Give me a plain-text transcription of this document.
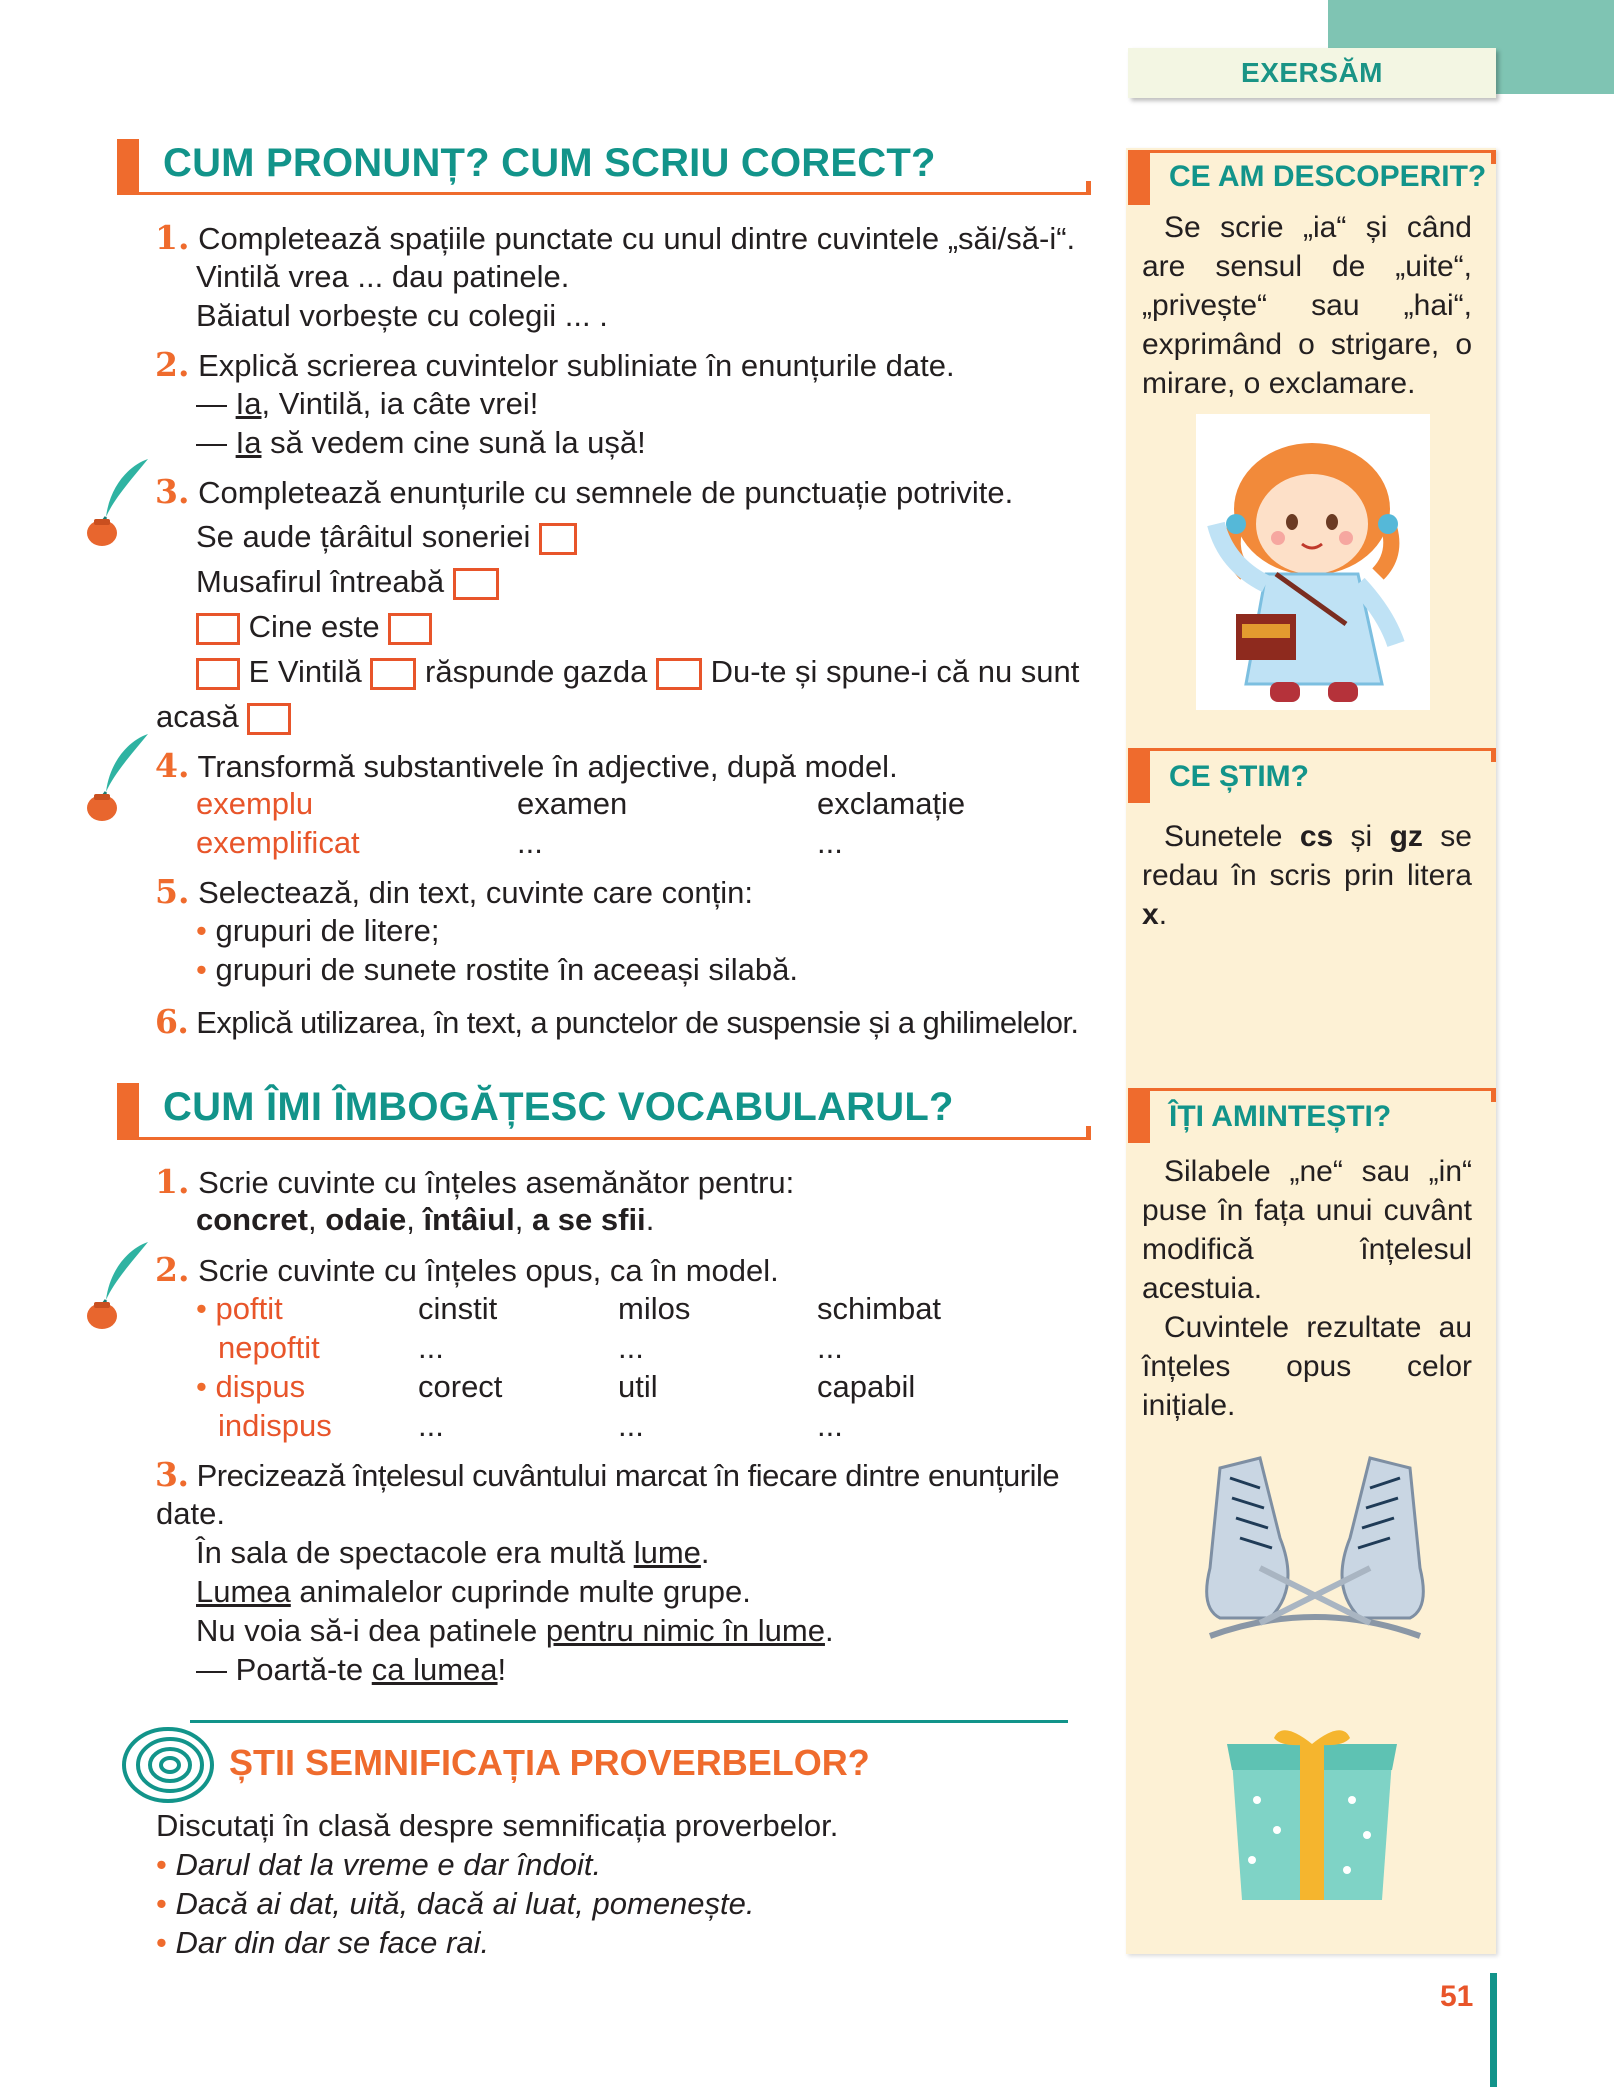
EXERSĂM
CUM PRONUNȚ? CUM SCRIU CORECT?
1. Completează spațiile punctate cu unul dintre cuvintele „săi/să-i“.
Vintilă vrea ... dau patinele.
Băiatul vorbește cu colegii ... .
2. Explică scrierea cuvintelor subliniate în enunțurile date.
— Ia, Vintilă, ia câte vrei!
— Ia să vedem cine sună la ușă!
3. Completează enunțurile cu semnele de punctuație potrivite.
Se aude țârâitul soneriei
Musafirul întreabă
Cine este
E Vintilă răspunde gazda Du-te și spune-i că nu sunt
acasă
4. Transformă substantivele în adjective, după model.
exemplu	examen	exclamație
exemplificat	...	...
5. Selectează, din text, cuvinte care conțin:
• grupuri de litere;
• grupuri de sunete rostite în aceeași silabă.
6. Explică utilizarea, în text, a punctelor de suspensie și a ghilimelelor.
CUM ÎMI ÎMBOGĂȚESC VOCABULARUL?
1. Scrie cuvinte cu înțeles asemănător pentru:
concret, odaie, întâiul, a se sfii.
2. Scrie cuvinte cu înțeles opus, ca în model.
• poftit	cinstit	milos	schimbat
nepoftit	...	...	...
• dispus	corect	util	capabil
indispus	...	...	...
3. Precizează înțelesul cuvântului marcat în fiecare dintre enunțurile
date.
În sala de spectacole era multă lume.
Lumea animalelor cuprinde multe grupe.
Nu voia să-i dea patinele pentru nimic în lume.
— Poartă-te ca lumea!
ȘTII SEMNIFICAȚIA PROVERBELOR?
Discutați în clasă despre semnificația proverbelor.
• Darul dat la vreme e dar îndoit.
• Dacă ai dat, uită, dacă ai luat, pomenește.
• Dar din dar se face rai.
CE AM DESCOPERIT?
Se scrie „ia“ și când are sensul de „uite“, „privește“ sau „hai“, exprimând o strigare, o mirare, o exclamare.
CE ȘTIM?
Sunetele cs și gz se redau în scris prin litera x.
ÎȚI AMINTEȘTI?
Silabele „ne“ sau „in“ puse în fața unui cuvânt modifică înțelesul acestuia.
Cuvintele rezultate au înțeles opus celor inițiale.
51
